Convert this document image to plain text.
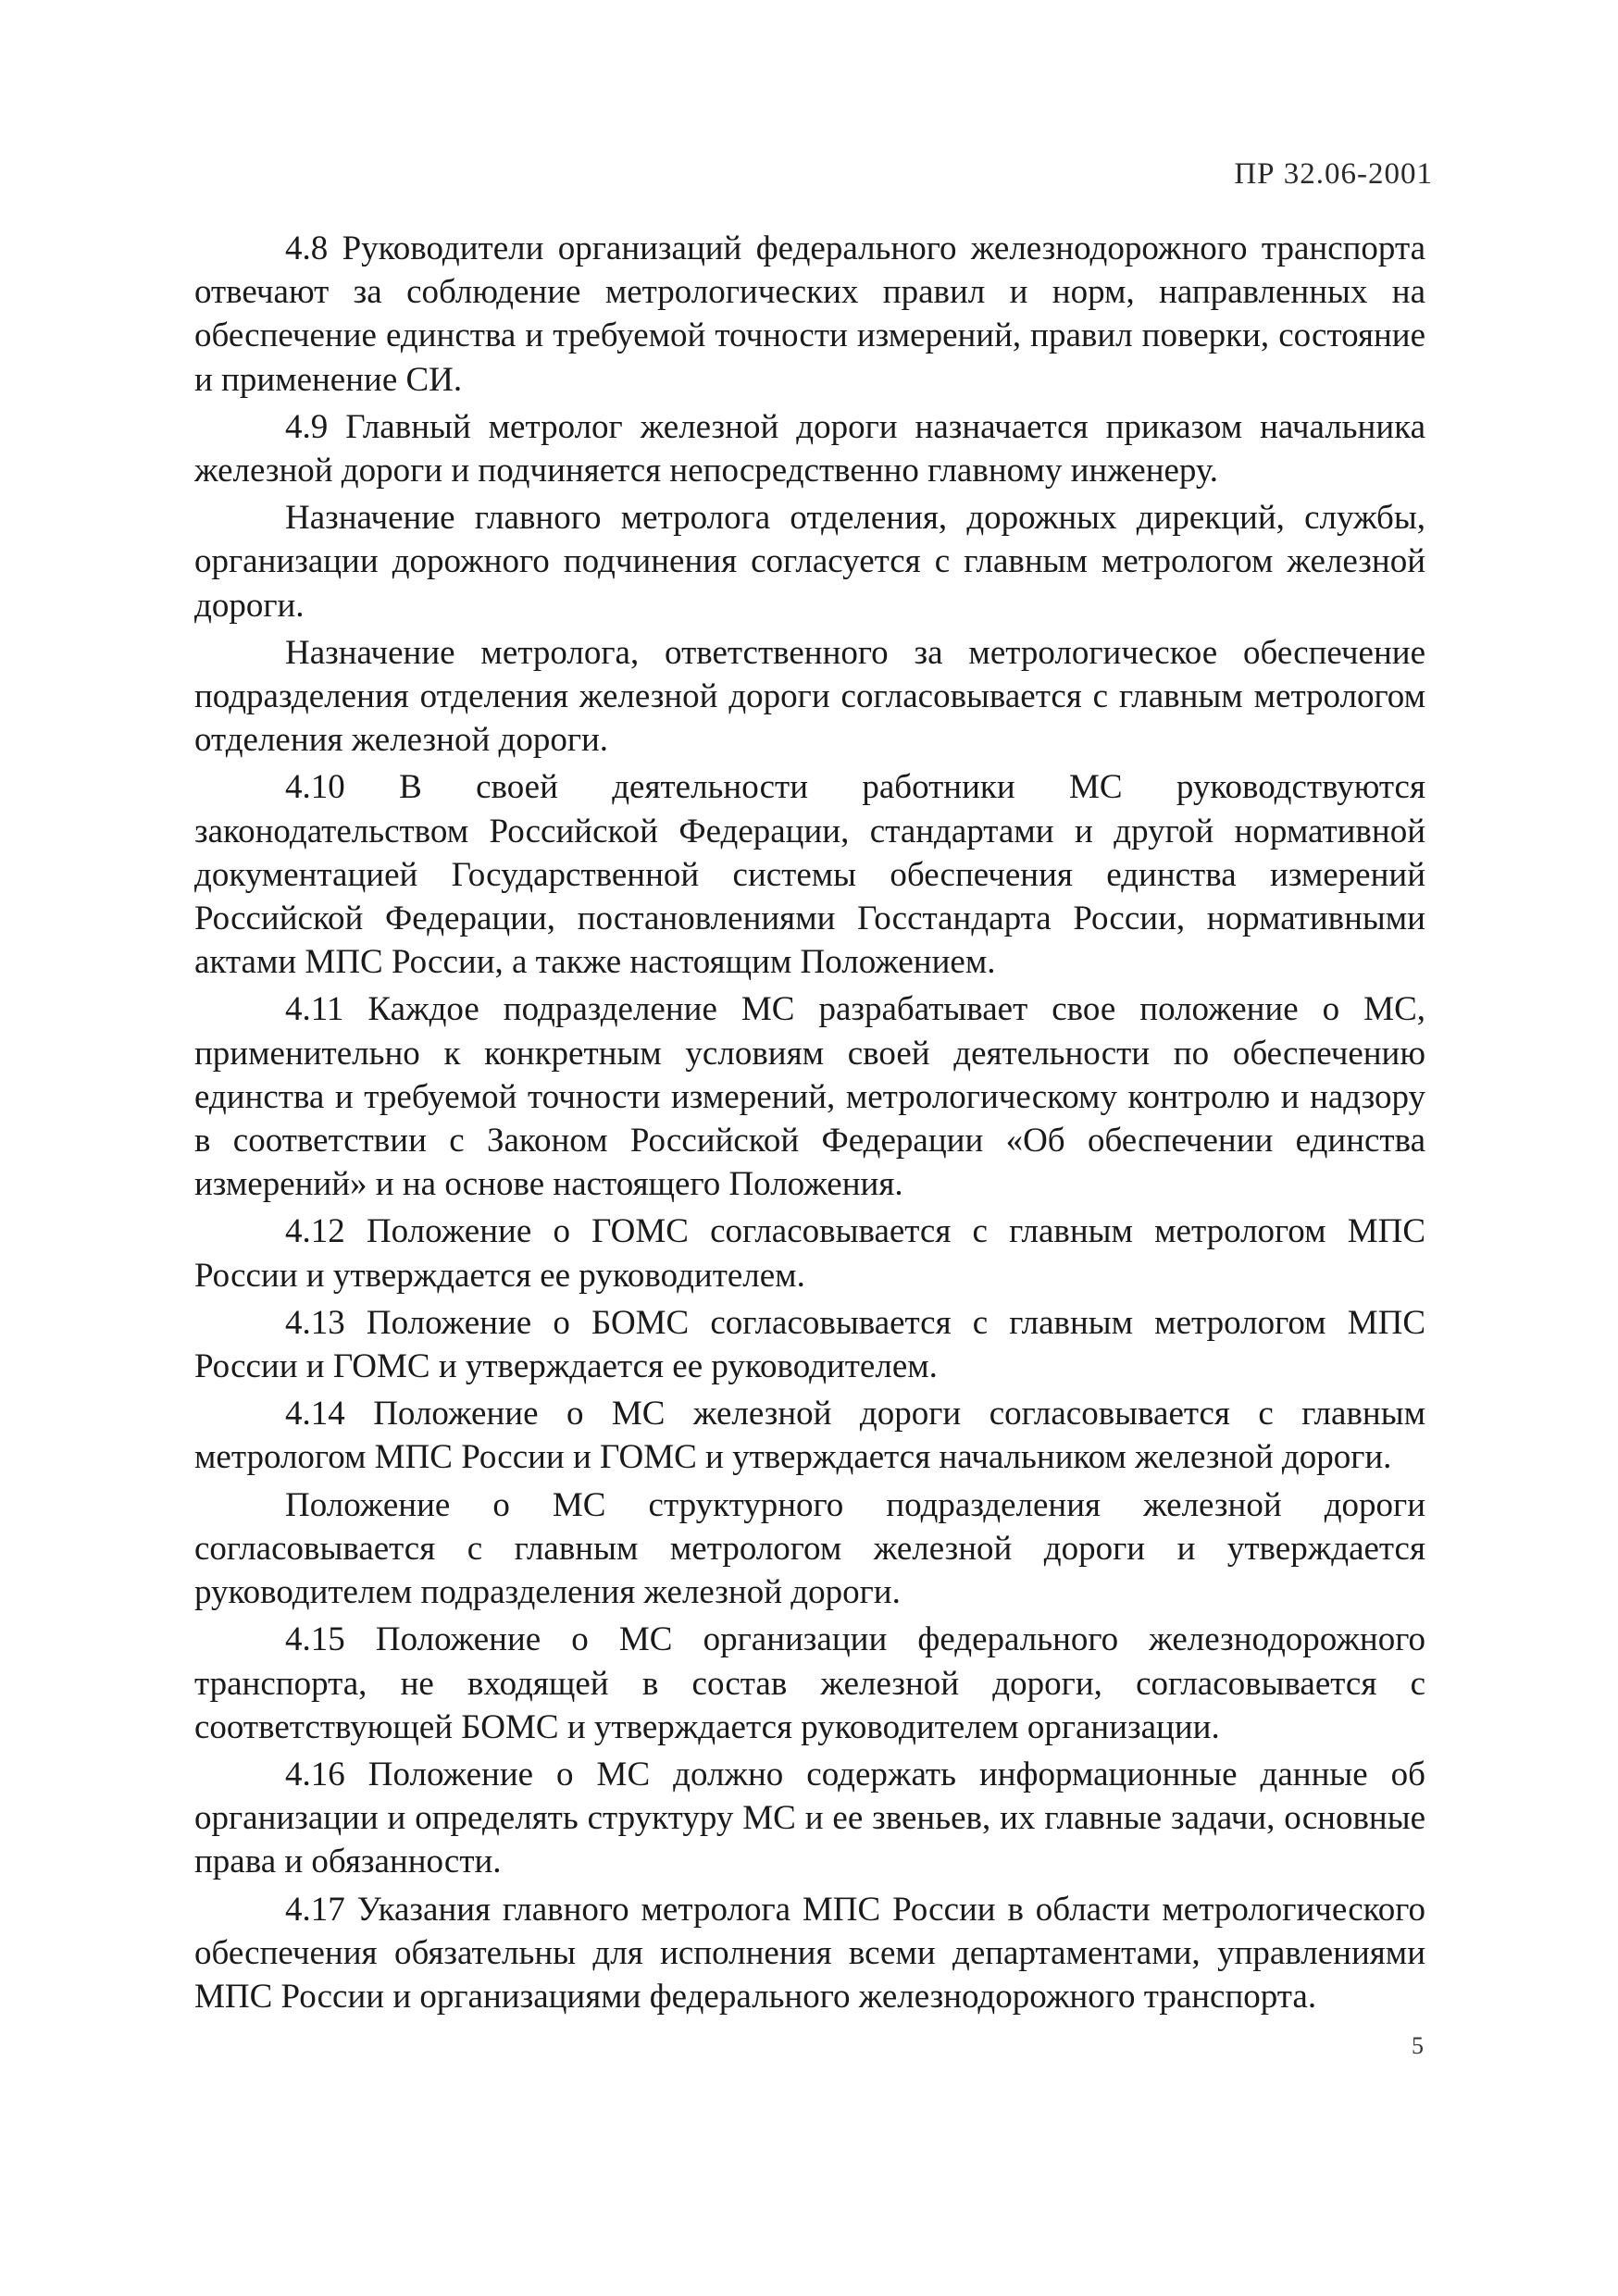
ПР 32.06-2001

4.8 Руководители организаций федерального железнодорожного транспорта отвечают за соблюдение метрологических правил и норм, направленных на обеспечение единства и требуемой точности измерений, правил поверки, состояние и применение СИ.

4.9 Главный метролог железной дороги назначается приказом начальника железной дороги и подчиняется непосредственно главному инженеру.

Назначение главного метролога отделения, дорожных дирекций, службы, организации дорожного подчинения согласуется с главным метрологом железной дороги.

Назначение метролога, ответственного за метрологическое обеспечение подразделения отделения железной дороги согласовывается с главным метрологом отделения железной дороги.

4.10 В своей деятельности работники МС руководствуются законодательством Российской Федерации, стандартами и другой нормативной документацией Государственной системы обеспечения единства измерений Российской Федерации, постановлениями Госстандарта России, нормативными актами МПС России, а также настоящим Положением.

4.11 Каждое подразделение МС разрабатывает свое положение о МС, применительно к конкретным условиям своей деятельности по обеспечению единства и требуемой точности измерений, метрологическому контролю и надзору в соответствии с Законом Российской Федерации «Об обеспечении единства измерений» и на основе настоящего Положения.

4.12 Положение о ГОМС согласовывается с главным метрологом МПС России и утверждается ее руководителем.

4.13 Положение о БОМС согласовывается с главным метрологом МПС России и ГОМС и утверждается ее руководителем.

4.14 Положение о МС железной дороги согласовывается с главным метрологом МПС России и ГОМС и утверждается начальником железной дороги.

Положение о МС структурного подразделения железной дороги согласовывается с главным метрологом железной дороги и утверждается руководителем подразделения железной дороги.

4.15 Положение о МС организации федерального железнодорожного транспорта, не входящей в состав железной дороги, согласовывается с соответствующей БОМС и утверждается руководителем организации.

4.16 Положение о МС должно содержать информационные данные об организации и определять структуру МС и ее звеньев, их главные задачи, основные права и обязанности.

4.17 Указания главного метролога МПС России в области метрологического обеспечения обязательны для исполнения всеми департаментами, управлениями МПС России и организациями федерального железнодорожного транспорта.

5
